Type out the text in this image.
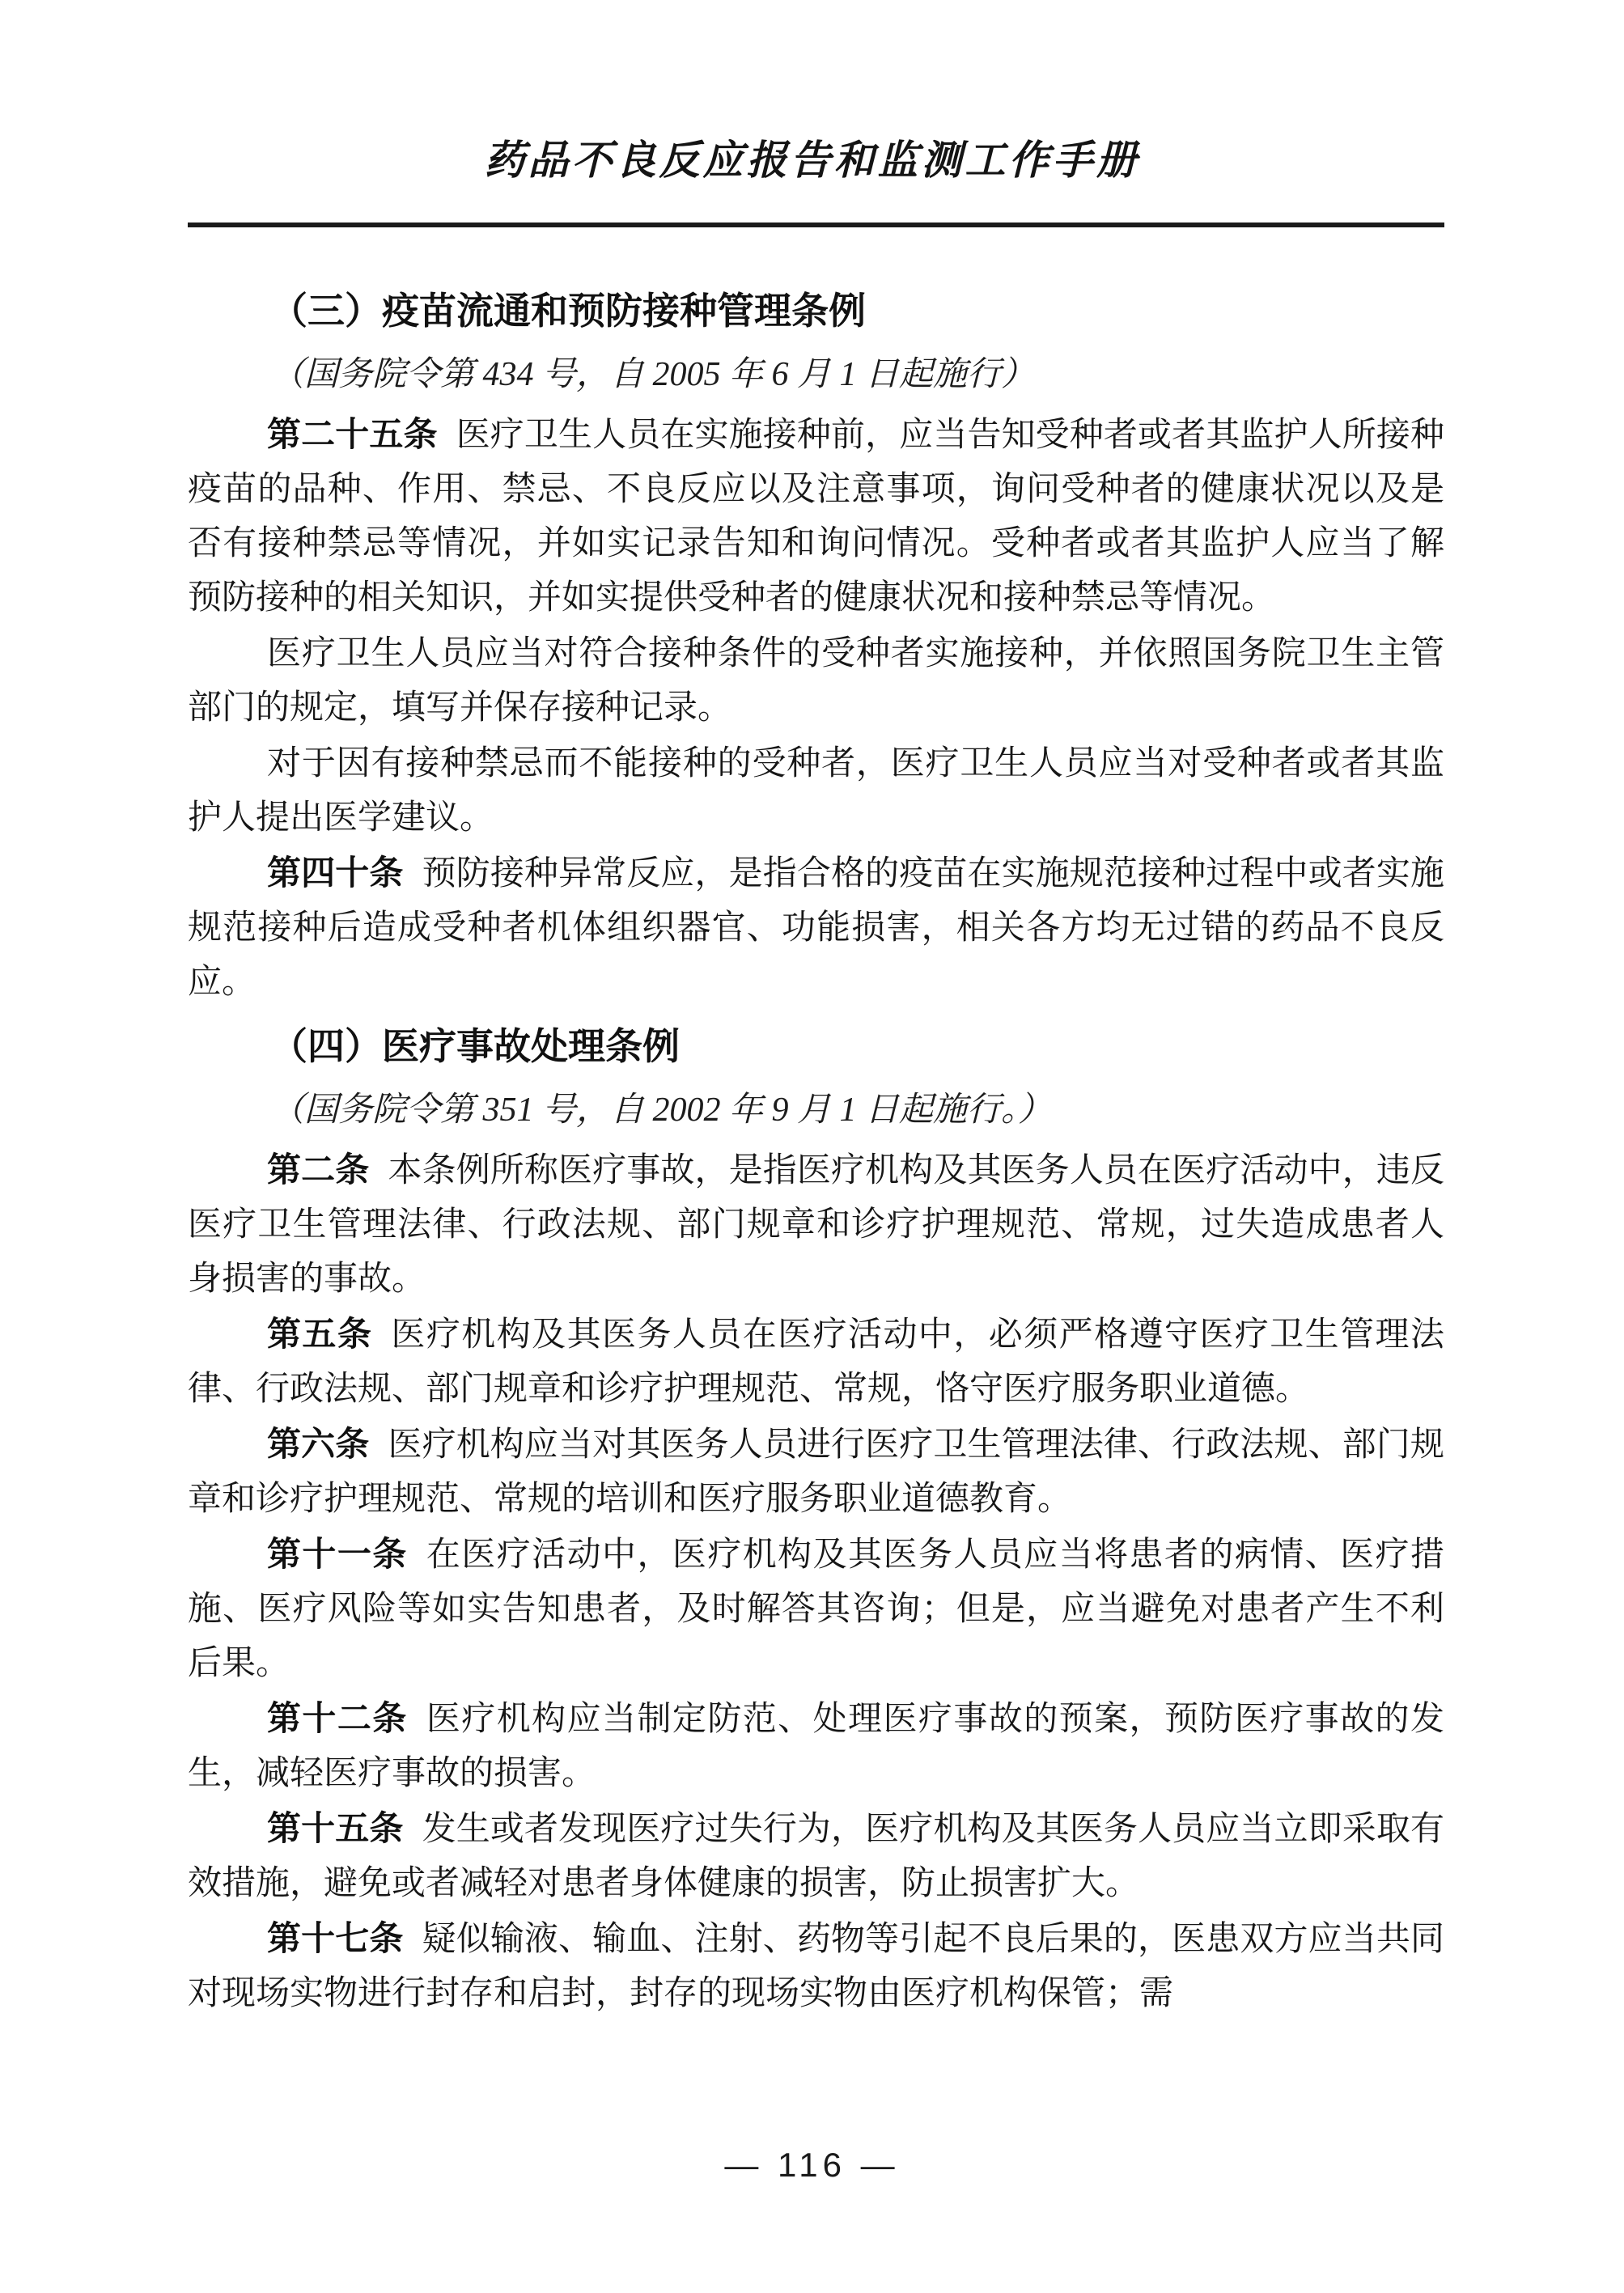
药品不良反应报告和监测工作手册
（三）疫苗流通和预防接种管理条例

（国务院令第 434 号，自 2005 年 6 月 1 日起施行）

第二十五条 医疗卫生人员在实施接种前，应当告知受种者或者其监护人所接种疫苗的品种、作用、禁忌、不良反应以及注意事项，询问受种者的健康状况以及是否有接种禁忌等情况，并如实记录告知和询问情况。受种者或者其监护人应当了解预防接种的相关知识，并如实提供受种者的健康状况和接种禁忌等情况。

医疗卫生人员应当对符合接种条件的受种者实施接种，并依照国务院卫生主管部门的规定，填写并保存接种记录。

对于因有接种禁忌而不能接种的受种者，医疗卫生人员应当对受种者或者其监护人提出医学建议。

第四十条 预防接种异常反应，是指合格的疫苗在实施规范接种过程中或者实施规范接种后造成受种者机体组织器官、功能损害，相关各方均无过错的药品不良反应。

（四）医疗事故处理条例

（国务院令第 351 号，自 2002 年 9 月 1 日起施行。）

第二条 本条例所称医疗事故，是指医疗机构及其医务人员在医疗活动中，违反医疗卫生管理法律、行政法规、部门规章和诊疗护理规范、常规，过失造成患者人身损害的事故。

第五条 医疗机构及其医务人员在医疗活动中，必须严格遵守医疗卫生管理法律、行政法规、部门规章和诊疗护理规范、常规，恪守医疗服务职业道德。

第六条 医疗机构应当对其医务人员进行医疗卫生管理法律、行政法规、部门规章和诊疗护理规范、常规的培训和医疗服务职业道德教育。

第十一条 在医疗活动中，医疗机构及其医务人员应当将患者的病情、医疗措施、医疗风险等如实告知患者，及时解答其咨询；但是，应当避免对患者产生不利后果。

第十二条 医疗机构应当制定防范、处理医疗事故的预案，预防医疗事故的发生，减轻医疗事故的损害。

第十五条 发生或者发现医疗过失行为，医疗机构及其医务人员应当立即采取有效措施，避免或者减轻对患者身体健康的损害，防止损害扩大。

第十七条 疑似输液、输血、注射、药物等引起不良后果的，医患双方应当共同对现场实物进行封存和启封，封存的现场实物由医疗机构保管；需

— 116 —
